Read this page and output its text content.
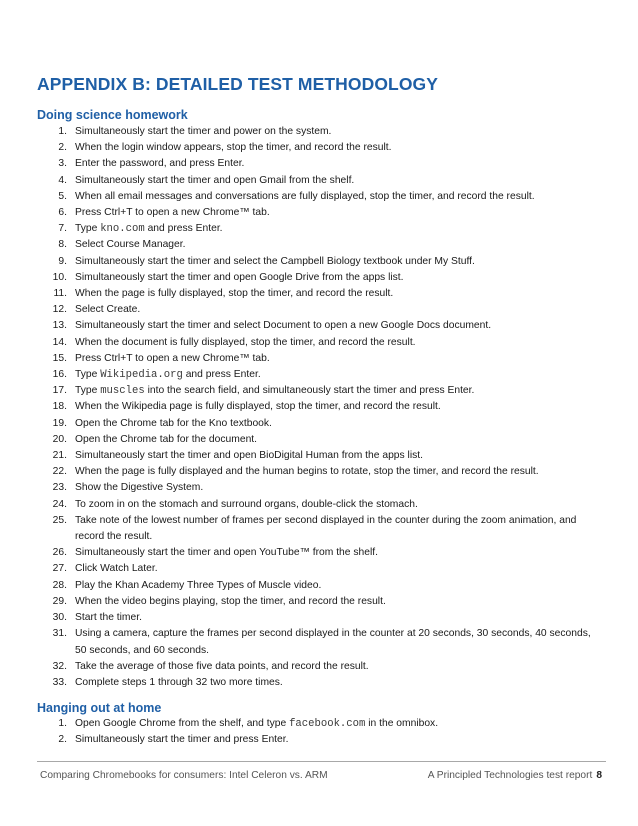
APPENDIX B: DETAILED TEST METHODOLOGY
Doing science homework
1. Simultaneously start the timer and power on the system.
2. When the login window appears, stop the timer, and record the result.
3. Enter the password, and press Enter.
4. Simultaneously start the timer and open Gmail from the shelf.
5. When all email messages and conversations are fully displayed, stop the timer, and record the result.
6. Press Ctrl+T to open a new Chrome™ tab.
7. Type kno.com and press Enter.
8. Select Course Manager.
9. Simultaneously start the timer and select the Campbell Biology textbook under My Stuff.
10. Simultaneously start the timer and open Google Drive from the apps list.
11. When the page is fully displayed, stop the timer, and record the result.
12. Select Create.
13. Simultaneously start the timer and select Document to open a new Google Docs document.
14. When the document is fully displayed, stop the timer, and record the result.
15. Press Ctrl+T to open a new Chrome™ tab.
16. Type Wikipedia.org and press Enter.
17. Type muscles into the search field, and simultaneously start the timer and press Enter.
18. When the Wikipedia page is fully displayed, stop the timer, and record the result.
19. Open the Chrome tab for the Kno textbook.
20. Open the Chrome tab for the document.
21. Simultaneously start the timer and open BioDigital Human from the apps list.
22. When the page is fully displayed and the human begins to rotate, stop the timer, and record the result.
23. Show the Digestive System.
24. To zoom in on the stomach and surround organs, double-click the stomach.
25. Take note of the lowest number of frames per second displayed in the counter during the zoom animation, and record the result.
26. Simultaneously start the timer and open YouTube™ from the shelf.
27. Click Watch Later.
28. Play the Khan Academy Three Types of Muscle video.
29. When the video begins playing, stop the timer, and record the result.
30. Start the timer.
31. Using a camera, capture the frames per second displayed in the counter at 20 seconds, 30 seconds, 40 seconds, 50 seconds, and 60 seconds.
32. Take the average of those five data points, and record the result.
33. Complete steps 1 through 32 two more times.
Hanging out at home
1. Open Google Chrome from the shelf, and type facebook.com in the omnibox.
2. Simultaneously start the timer and press Enter.
Comparing Chromebooks for consumers: Intel Celeron vs. ARM	A Principled Technologies test report 8
